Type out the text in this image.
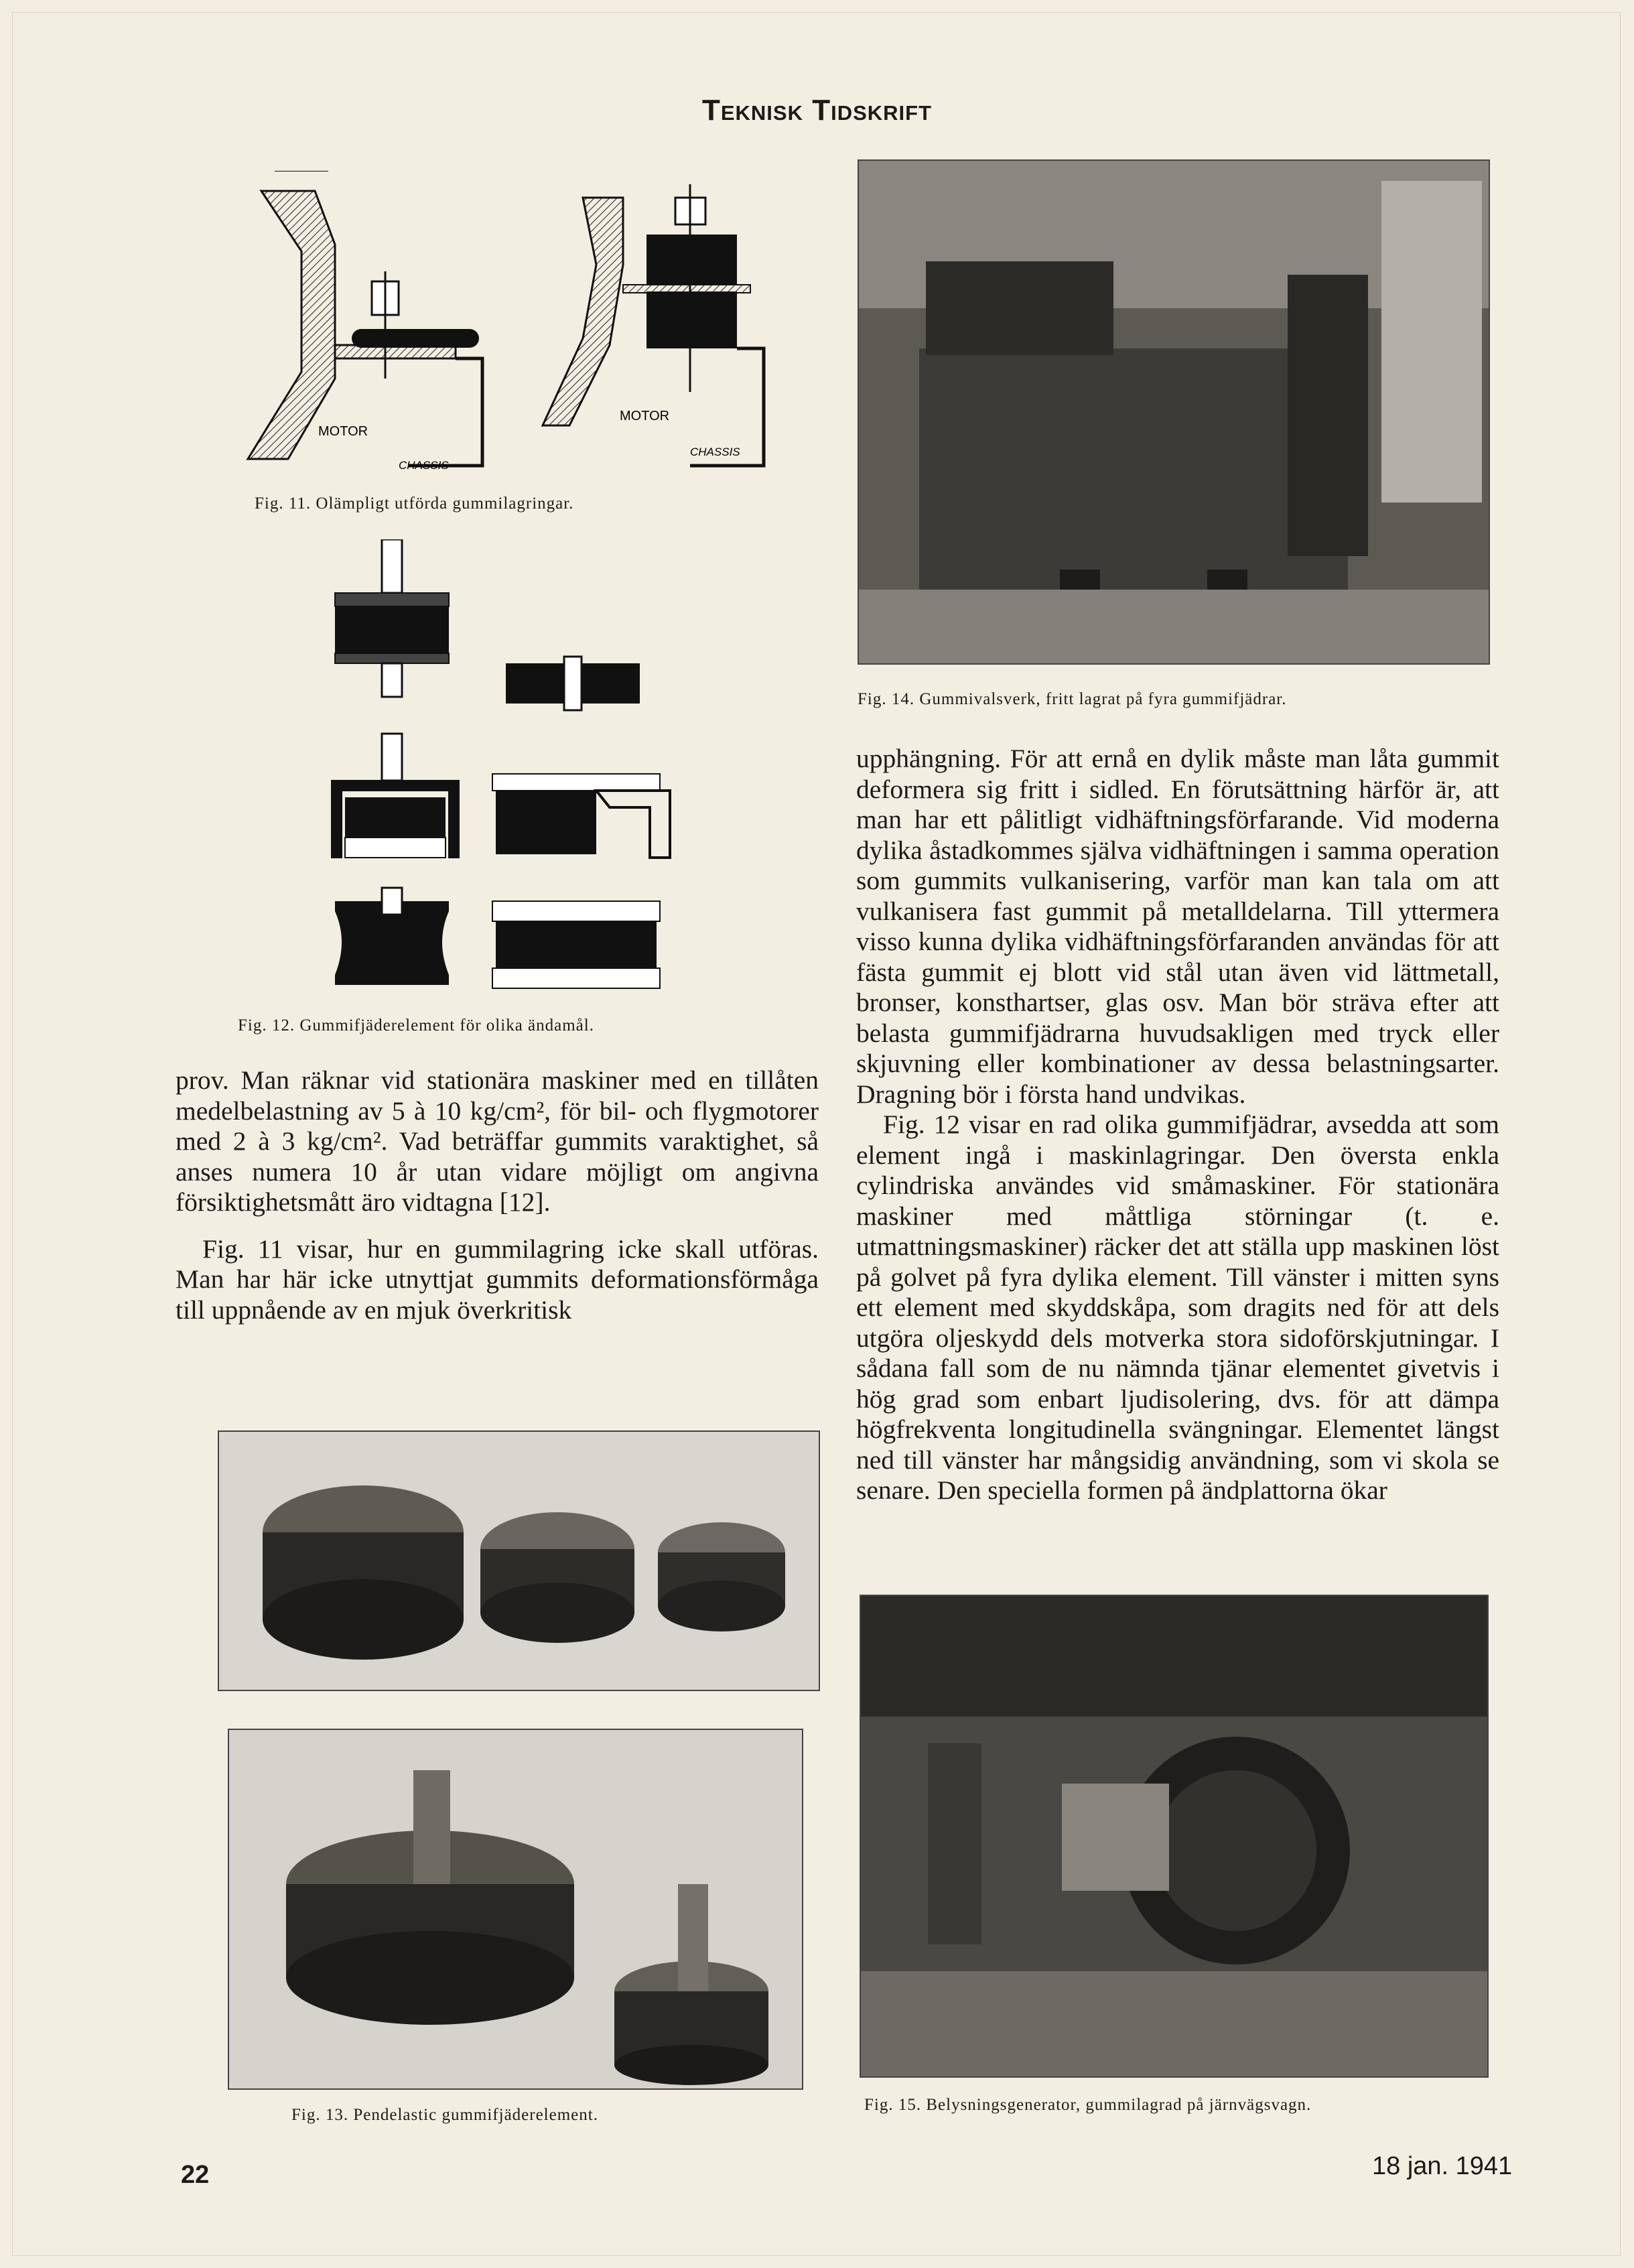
Teknisk Tidskrift
MOTOR
CHASSIS
MOTOR
CHASSIS
Fig. 11. Olämpligt utförda gummilagringar.
Fig. 12. Gummifjäderelement för olika ändamål.

prov. Man räknar vid stationära maskiner med en tillåten medelbelastning av 5 à 10 kg/cm², för bil- och flygmotorer med 2 à 3 kg/cm². Vad beträffar gummits varaktighet, så anses numera 10 år utan vidare möjligt om angivna försiktighetsmått äro vidtagna [12].

Fig. 11 visar, hur en gummilagring icke skall utföras. Man har här icke utnyttjat gummits deformationsförmåga till uppnående av en mjuk överkritisk

Fig. 13. Pendelastic gummifjäderelement.
Fig. 14. Gummivalsverk, fritt lagrat på fyra gummifjädrar.

upphängning. För att ernå en dylik måste man låta gummit deformera sig fritt i sidled. En förutsättning härför är, att man har ett pålitligt vidhäftningsförfarande. Vid moderna dylika åstadkommes själva vidhäftningen i samma operation som gummits vulkanisering, varför man kan tala om att vulkanisera fast gummit på metalldelarna. Till yttermera visso kunna dylika vidhäftningsförfaranden användas för att fästa gummit ej blott vid stål utan även vid lättmetall, bronser, konsthartser, glas osv. Man bör sträva efter att belasta gummifjädrarna huvudsakligen med tryck eller skjuvning eller kombinationer av dessa belastningsarter. Dragning bör i första hand undvikas.

Fig. 12 visar en rad olika gummifjädrar, avsedda att som element ingå i maskinlagringar. Den översta enkla cylindriska användes vid småmaskiner. För stationära maskiner med måttliga störningar (t. e. utmattningsmaskiner) räcker det att ställa upp maskinen löst på golvet på fyra dylika element. Till vänster i mitten syns ett element med skyddskåpa, som dragits ned för att dels utgöra oljeskydd dels motverka stora sidoförskjutningar. I sådana fall som de nu nämnda tjänar elementet givetvis i hög grad som enbart ljudisolering, dvs. för att dämpa högfrekventa longitudinella svängningar. Elementet längst ned till vänster har mångsidig användning, som vi skola se senare. Den speciella formen på ändplattorna ökar

Fig. 15. Belysningsgenerator, gummilagrad på järnvägsvagn.
22	18 jan. 1941
